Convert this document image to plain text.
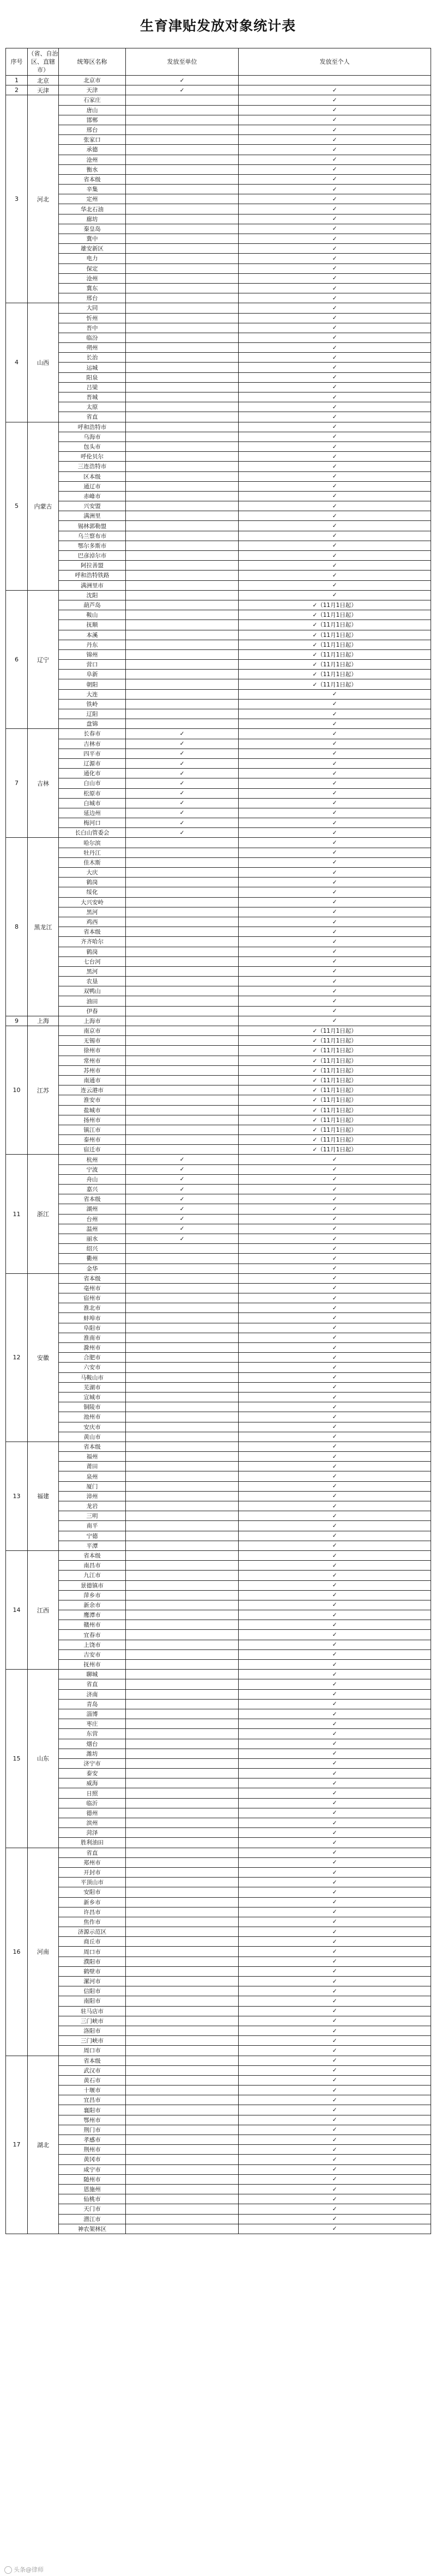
生育津贴发放对象统计表
序号	（省、自治区、直辖市）	统筹区名称	发放至单位	发放至个人
1	北京	北京市	✓	
2	天津	天津	✓	✓
3	河北	石家庄		✓
		唐山		✓
		邯郸		✓
		邢台		✓
		张家口		✓
		承德		✓
		沧州		✓
		衡水		✓
		省本级		✓
		辛集		✓
		定州		✓
		华北石油		✓
		廊坊		✓
		秦皇岛		✓
		冀中		✓
		雄安新区		✓
		电力		✓
		保定		✓
		沧州		✓
		冀东		✓
		邢台		✓
4	山西	大同		✓
		忻州		✓
		晋中		✓
		临汾		✓
		朔州		✓
		长治		✓
		运城		✓
		阳泉		✓
		吕梁		✓
		晋城		✓
		太原		✓
		省直		✓
5	内蒙古	呼和浩特市		✓
		乌海市		✓
		包头市		✓
		呼伦贝尔		✓
		三连浩特市		✓
		区本级		✓
		通辽市		✓
		赤峰市		✓
		兴安盟		✓
		满洲里		✓
		锡林郭勒盟		✓
		乌兰察布市		✓
		鄂尔多斯市		✓
		巴彦淖尔市		✓
		阿拉善盟		✓
		呼和浩特铁路		✓
		满洲里市		✓
6	辽宁	沈阳		✓
		葫芦岛		✓（11月1日起）
		鞍山		✓（11月1日起）
		抚顺		✓（11月1日起）
		本溪		✓（11月1日起）
		丹东		✓（11月1日起）
		锦州		✓（11月1日起）
		营口		✓（11月1日起）
		阜新		✓（11月1日起）
		朝阳		✓（11月1日起）
		大连		✓
		铁岭		✓
		辽阳		✓
		盘锦		✓
7	吉林	长春市	✓	✓
		吉林市	✓	✓
		四平市	✓	✓
		辽源市	✓	✓
		通化市	✓	✓
		白山市	✓	✓
		松原市	✓	✓
		白城市	✓	✓
		延边州	✓	✓
		梅河口	✓	✓
		长白山管委会	✓	✓
8	黑龙江	哈尔滨		✓
		牡丹江		✓
		佳木斯		✓
		大庆		✓
		鹤岗		✓
		绥化		✓
		大兴安岭		✓
		黑河		✓
		鸡西		✓
		省本级		✓
		齐齐哈尔		✓
		鹤岗		✓
		七台河		✓
		黑河		✓
		农垦		✓
		双鸭山		✓
		油田		✓
		伊春		✓
9	上海	上海市		✓
10	江苏	南京市		✓（11月1日起）
		无锡市		✓（11月1日起）
		徐州市		✓（11月1日起）
		常州市		✓（11月1日起）
		苏州市		✓（11月1日起）
		南通市		✓（11月1日起）
		连云港市		✓（11月1日起）
		淮安市		✓（11月1日起）
		盐城市		✓（11月1日起）
		扬州市		✓（11月1日起）
		镇江市		✓（11月1日起）
		泰州市		✓（11月1日起）
		宿迁市		✓（11月1日起）
11	浙江	杭州	✓	✓
		宁波	✓	✓
		舟山	✓	✓
		嘉兴	✓	✓
		省本级	✓	✓
		湖州	✓	✓
		台州	✓	✓
		温州	✓	✓
		丽水	✓	✓
		绍兴		✓
		衢州		✓
		金华		✓
12	安徽	省本级		✓
		亳州市		✓
		宿州市		✓
		淮北市		✓
		蚌埠市		✓
		阜阳市		✓
		淮南市		✓
		滁州市		✓
		合肥市		✓
		六安市		✓
		马鞍山市		✓
		芜湖市		✓
		宣城市		✓
		铜陵市		✓
		池州市		✓
		安庆市		✓
		黄山市		✓
13	福建	省本级		✓
		福州		✓
		莆田		✓
		泉州		✓
		厦门		✓
		漳州		✓
		龙岩		✓
		三明		✓
		南平		✓
		宁德		✓
		平潭		✓
14	江西	省本级		✓
		南昌市		✓
		九江市		✓
		景德镇市		✓
		萍乡市		✓
		新余市		✓
		鹰潭市		✓
		赣州市		✓
		宜春市		✓
		上饶市		✓
		吉安市		✓
		抚州市		✓
15	山东	聊城		✓
		省直		✓
		济南		✓
		青岛		✓
		淄博		✓
		枣庄		✓
		东营		✓
		烟台		✓
		潍坊		✓
		济宁市		✓
		泰安		✓
		威海		✓
		日照		✓
		临沂		✓
		德州		✓
		滨州		✓
		菏泽		✓
		胜利油田		✓
16	河南	省直		✓
		郑州市		✓
		开封市		✓
		平顶山市		✓
		安阳市		✓
		新乡市		✓
		许昌市		✓
		焦作市		✓
		济源示范区		✓
		商丘市		✓
		周口市		✓
		濮阳市		✓
		鹤壁市		✓
		漯河市		✓
		信阳市		✓
		南阳市		✓
		驻马店市		✓
		三门峡市		✓
		洛阳市		✓
		三门峡市		✓
		周口市		✓
17	湖北	省本级		✓
		武汉市		✓
		黄石市		✓
		十堰市		✓
		宜昌市		✓
		襄阳市		✓
		鄂州市		✓
		荆门市		✓
		孝感市		✓
		荆州市		✓
		黄冈市		✓
		咸宁市		✓
		随州市		✓
		恩施州		✓
		仙桃市		✓
		天门市		✓
		潜江市		✓
		神农架林区		✓
头条@律师
